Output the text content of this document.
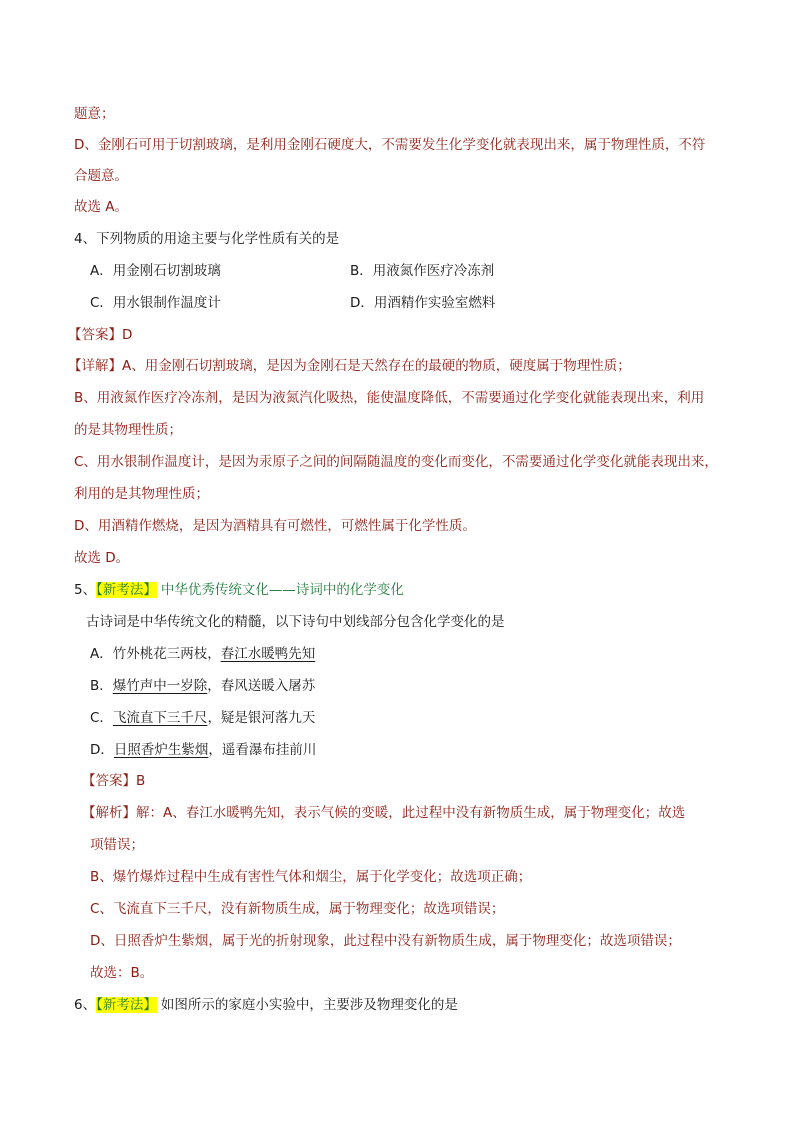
题意；
D、金刚石可用于切割玻璃，是利用金刚石硬度大，不需要发生化学变化就表现出来，属于物理性质，不符
合题意。
故选 A。
4、下列物质的用途主要与化学性质有关的是
A．用金刚石切割玻璃	B．用液氮作医疗冷冻剂
C．用水银制作温度计	D．用酒精作实验室燃料
【答案】D
【详解】A、用金刚石切割玻璃，是因为金刚石是天然存在的最硬的物质，硬度属于物理性质；
B、用液氮作医疗冷冻剂，是因为液氮汽化吸热，能使温度降低，不需要通过化学变化就能表现出来，利用
的是其物理性质；
C、用水银制作温度计，是因为汞原子之间的间隔随温度的变化而变化，不需要通过化学变化就能表现出来，
利用的是其物理性质；
D、用酒精作燃烧，是因为酒精具有可燃性，可燃性属于化学性质。
故选 D。
5、【新考法】 中华优秀传统文化——诗词中的化学变化
古诗词是中华传统文化的精髓，以下诗句中划线部分包含化学变化的是
A．竹外桃花三两枝，春江水暖鸭先知
B．爆竹声中一岁除，春风送暖入屠苏
C．飞流直下三千尺，疑是银河落九天
D．日照香炉生紫烟，遥看瀑布挂前川
【答案】B
【解析】解：A、春江水暖鸭先知，表示气候的变暖，此过程中没有新物质生成，属于物理变化；故选
项错误；
B、爆竹爆炸过程中生成有害性气体和烟尘，属于化学变化；故选项正确；
C、飞流直下三千尺，没有新物质生成，属于物理变化；故选项错误；
D、日照香炉生紫烟，属于光的折射现象，此过程中没有新物质生成，属于物理变化；故选项错误；
故选：B。
6、【新考法】 如图所示的家庭小实验中，主要涉及物理变化的是
